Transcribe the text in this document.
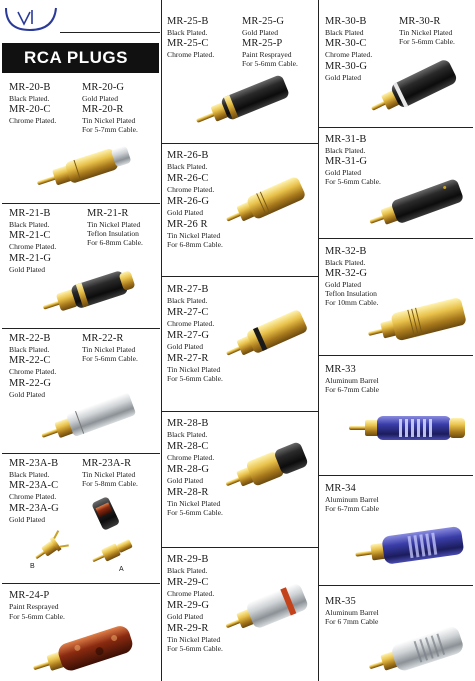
RCA PLUGS
MR-20-B
Black Plated.
MR-20-G
Gold Plated
MR-20-C
Chrome Plated.
MR-20-R
Tin Nickel Plated
For 5-7mm Cable.
MR-21-B
Black Plated.
MR-21-R
Tin Nickel Plated
Teflon Insulation
For 6-8mm Cable.
MR-21-C
Chrome Plated.
MR-21-G
Gold Plated
MR-22-B
Black Plated.
MR-22-R
Tin Nickel Plated
For 5-6mm Cable.
MR-22-C
Chrome Plated.
MR-22-G
Gold Plated
MR-23A-B
Black Plated.
MR-23A-R
Tin Nickel Plated
For 5-8mm Cable.
MR-23A-C
Chrome Plated.
MR-23A-G
Gold Plated
B	A
MR-24-P
Paint Resprayed
For 5-6mm Cable.
MR-25-B
Black Plated.
MR-25-G
Gold Plated
MR-25-C
Chrome Plated.
MR-25-P
Paint Resprayed
For 5-6mm Cable.
MR-26-B
Black Plated.
MR-26-C
Chrome Plated.
MR-26-G
Gold Plated
MR-26 R
Tin Nickel Plated
For 6-8mm Cable.
MR-27-B
Black Plated.
MR-27-C
Chrome Plated.
MR-27-G
Gold Plated
MR-27-R
Tin Nickel Plated
For 5-6mm Cable.
MR-28-B
Black Plated.
MR-28-C
Chrome Plated.
MR-28-G
Gold Plated
MR-28-R
Tin Nickel Plated
For 5-6mm Cable.
MR-29-B
Black Plated.
MR-29-C
Chrome Plated.
MR-29-G
Gold Plated
MR-29-R
Tin Nickel Plated
For 5-6mm Cable.
MR-30-B
Black Plated
MR-30-R
Tin Nickel Plated
For 5-6mm Cable.
MR-30-C
Chrome Plated.
MR-30-G
Gold Plated
MR-31-B
Black Plated.
MR-31-G
Gold Plated
For 5-6mm Cable.
MR-32-B
Black Plated.
MR-32-G
Gold Plated
Teflon Insulation
For 10mm Cable.
MR-33
Aluminum Barrel
For 6-7mm Cable
MR-34
Aluminum Barrel
For 6-7mm Cable
MR-35
Aluminum Barrel
For 6 7mm Cable
